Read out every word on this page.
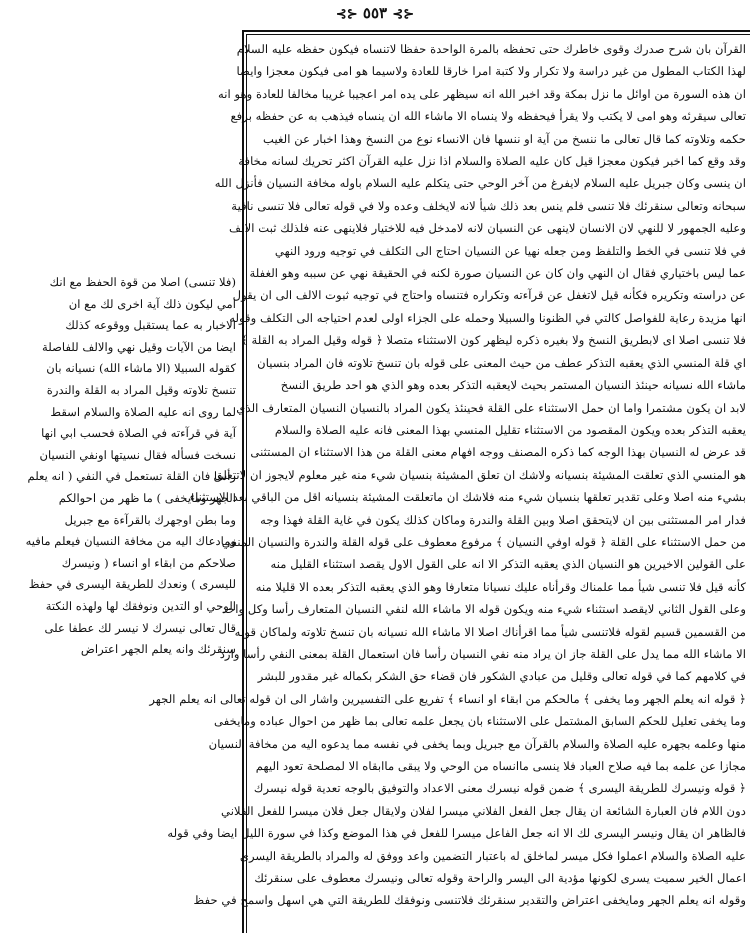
⊰⊱ ٥٥٣ ⊰⊱
القرآن بان شرح صدرك وقوى خاطرك حتى تحفظه بالمرة الواحدة حفظا لاتنساه فيكون حفظه عليه السلام
لهذا الكتاب المطول من غير دراسة ولا تكرار ولا كتبة امرا خارقا للعادة ولاسيما هو امى فيكون معجزا وايضا
ان هذه السورة من اوائل ما نزل بمكة وقد اخبر الله انه سيظهر على يده امر اعجيبا غريبا مخالفا للعادة وهو انه
تعالى سيقرئه وهو امى لا يكتب ولا يقرأ فيحفظه ولا ينساه الا ماشاء الله ان ينساه فيذهب به عن حفظه برفع
حكمه وتلاوته كما قال تعالى ما ننسخ من آية او ننسها فان الانساء نوع من النسخ وهذا اخبار عن الغيب
وقد وقع كما اخبر فيكون معجزا قيل كان عليه الصلاة والسلام اذا نزل عليه القرآن اكثر تحريك لسانه مخافة
ان ينسى وكان جبريل عليه السلام لايفرغ من آخر الوحي حتى يتكلم عليه السلام باوله مخافة النسيان فأنزل الله
سبحانه وتعالى سنقرئك فلا تنسى فلم ينس بعد ذلك شيأ لانه لايخلف وعده ولا في قوله تعالى فلا تنسى نافية
وعليه الجمهور لا للنهي لان الانسان لاينهى عن النسيان لانه لامدخل فيه للاختيار فلاينهى عنه فلذلك ثبت الالف
في فلا تنسى في الخط والتلفظ ومن جعله نهيا عن النسيان احتاج الى التكلف في توجيه ورود النهي
عما ليس باختياري فقال ان النهي وان كان عن النسيان صورة لكنه في الحقيقة نهي عن سببه وهو الغفلة
عن دراسته وتكريره فكأنه قيل لاتغفل عن قرآءته وتكراره فتنساه واحتاج في توجيه ثبوت الالف الى ان يقول
انها مزيدة رعاية للفواصل كالتي في الظنونا والسبيلا وحمله على الجزاء اولى لعدم احتياجه الى التكلف وقوله
فلا تنسى اصلا اى لابطريق النسخ ولا بغيره ذكره ليظهر كون الاستثناء متصلا ﴿ قوله وقيل المراد به القلة ﴾
اي قلة المنسي الذي يعقبه التذكر عطف من حيث المعنى على قوله بان تنسخ تلاوته فان المراد بنسيان
ماشاء الله نسيانه حينئذ النسيان المستمر بحيث لايعقبه التذكر بعده وهو الذي هو احد طريق النسخ
لابد ان يكون مشتمرا واما ان حمل الاستثناء على القلة فحينئذ يكون المراد بالنسيان النسيان المتعارف الذي
يعقبه التذكر بعده ويكون المقصود من الاستثناء تقليل المنسي بهذا المعنى فانه عليه الصلاة والسلام
قد عرض له النسيان بهذا الوجه كما ذكره المصنف ووجه افهام معنى القلة من هذا الاستثناء ان المستثنى
هو المنسي الذي تعلقت المشيئة بنسيانه ولاشك ان تعلق المشيئة بنسيان شيء منه غير معلوم لايجوز ان لاتتعلق
بشيء منه اصلا وعلى تقدير تعلقها بنسيان شيء منه فلاشك ان ماتعلقت المشيئة بنسيانه اقل من الباقي بعد الاستثناء
فدار امر المستثنى بين ان لايتحقق اصلا وبين القلة والندرة وماكان كذلك يكون في غاية القلة فهذا وجه
من حمل الاستثناء على القلة ﴿ قوله اوفي النسيان ﴾ مرفوع معطوف على قوله القلة والندرة والنسيان المنفي
على القولين الاخيرين هو النسيان الذي يعقبه التذكر الا انه على القول الاول يقصد استثناء القليل منه
كأنه قيل فلا تنسى شيأ مما علمناك وقرأناه عليك نسيانا متعارفا وهو الذي يعقبه التذكر بعده الا قليلا منه
وعلى القول الثاني لايقصد استثناء شيء منه ويكون قوله الا ماشاء الله لنفي النسيان المتعارف رأسا وكل واحد
من القسمين قسيم لقوله فلاتنسى شيأ مما اقرأناك اصلا الا ماشاء الله نسيانه بان تنسخ تلاوته ولماكان قوله
الا ماشاء الله مما يدل على القلة جاز ان يراد منه نفي النسيان رأسا فان استعمال القلة بمعنى النفي رأسا وارد
في كلامهم كما في قوله تعالى وقليل من عبادي الشكور فان قضاء حق الشكر بكماله غير مقدور للبشر
﴿ قوله انه يعلم الجهر وما يخفى ﴾ مالحكم من ابقاء او انساء ﴾ تفريع على التفسيرين واشار الى ان قوله تعالى انه يعلم الجهر
وما يخفى تعليل للحكم السابق المشتمل على الاستثناء بان يجعل علمه تعالى بما ظهر من احوال عباده ومايخفى
منها وعلمه بجهره عليه الصلاة والسلام بالقرآن مع جبريل وبما يخفى في نفسه مما يدعوه اليه من مخافة النسيان
مجازا عن علمه بما فيه صلاح العباد فلا ينسى ماانساه من الوحي ولا يبقى ماابقاه الا لمصلحة تعود اليهم
﴿ قوله ونيسرك للطريقة اليسرى ﴾ ضمن قوله نيسرك معنى الاعداد والتوفيق بالوجه تعدية قوله نيسرك
دون اللام فان العبارة الشائعة ان يقال جعل الفعل الفلاني ميسرا لفلان ولايقال جعل فلان ميسرا للفعل الفلاني
فالظاهر ان يقال ونيسر اليسرى لك الا انه جعل الفاعل ميسرا للفعل في هذا الموضع وكذا في سورة الليل ايضا وفي قوله
عليه الصلاة والسلام اعملوا فكل ميسر لماخلق له باعتبار التضمين واعد ووفق له والمراد بالطريقة اليسرى
اعمال الخير سميت يسرى لكونها مؤدية الى اليسر والراحة وقوله تعالى ونيسرك معطوف على سنقرئك
وقوله انه يعلم الجهر ومايخفى اعتراض والتقدير سنقرئك فلاتنسى ونوفقك للطريقة التي هي اسهل واسمح في حفظ
(فلا تنسى) اصلا من قوة الحفظ مع انك
امي ليكون ذلك آية اخرى لك مع ان
الاخبار به عما يستقبل ووقوعه كذلك
ايضا من الآيات وقيل نهي والالف للفاصلة
كقوله السبيلا (الا ماشاء الله) نسيانه بان
تنسخ تلاوته وقيل المراد به القلة والندرة
لما روى انه عليه الصلاة والسلام اسقط
آية في قرآءته في الصلاة فحسب ابي انها
نسخت فسأله فقال نسيتها اونفي النسيان
رأسا فان القلة تستعمل في النفي ( انه يعلم
الجهر ومايخفى ) ما ظهر من احوالكم
وما بطن اوجهرك بالقرآءة مع جبريل
ومادعاك اليه من مخافة النسيان فيعلم مافيه
صلاحكم من ابقاء او انساء ( ونيسرك
لليسرى ) ونعدك للطريقة اليسرى في حفظ
الوحي او التدين ونوفقك لها ولهذه النكتة
قال تعالى نيسرك لا نيسر لك عطفا على
سنقرئك وانه يعلم الجهر اعتراض
